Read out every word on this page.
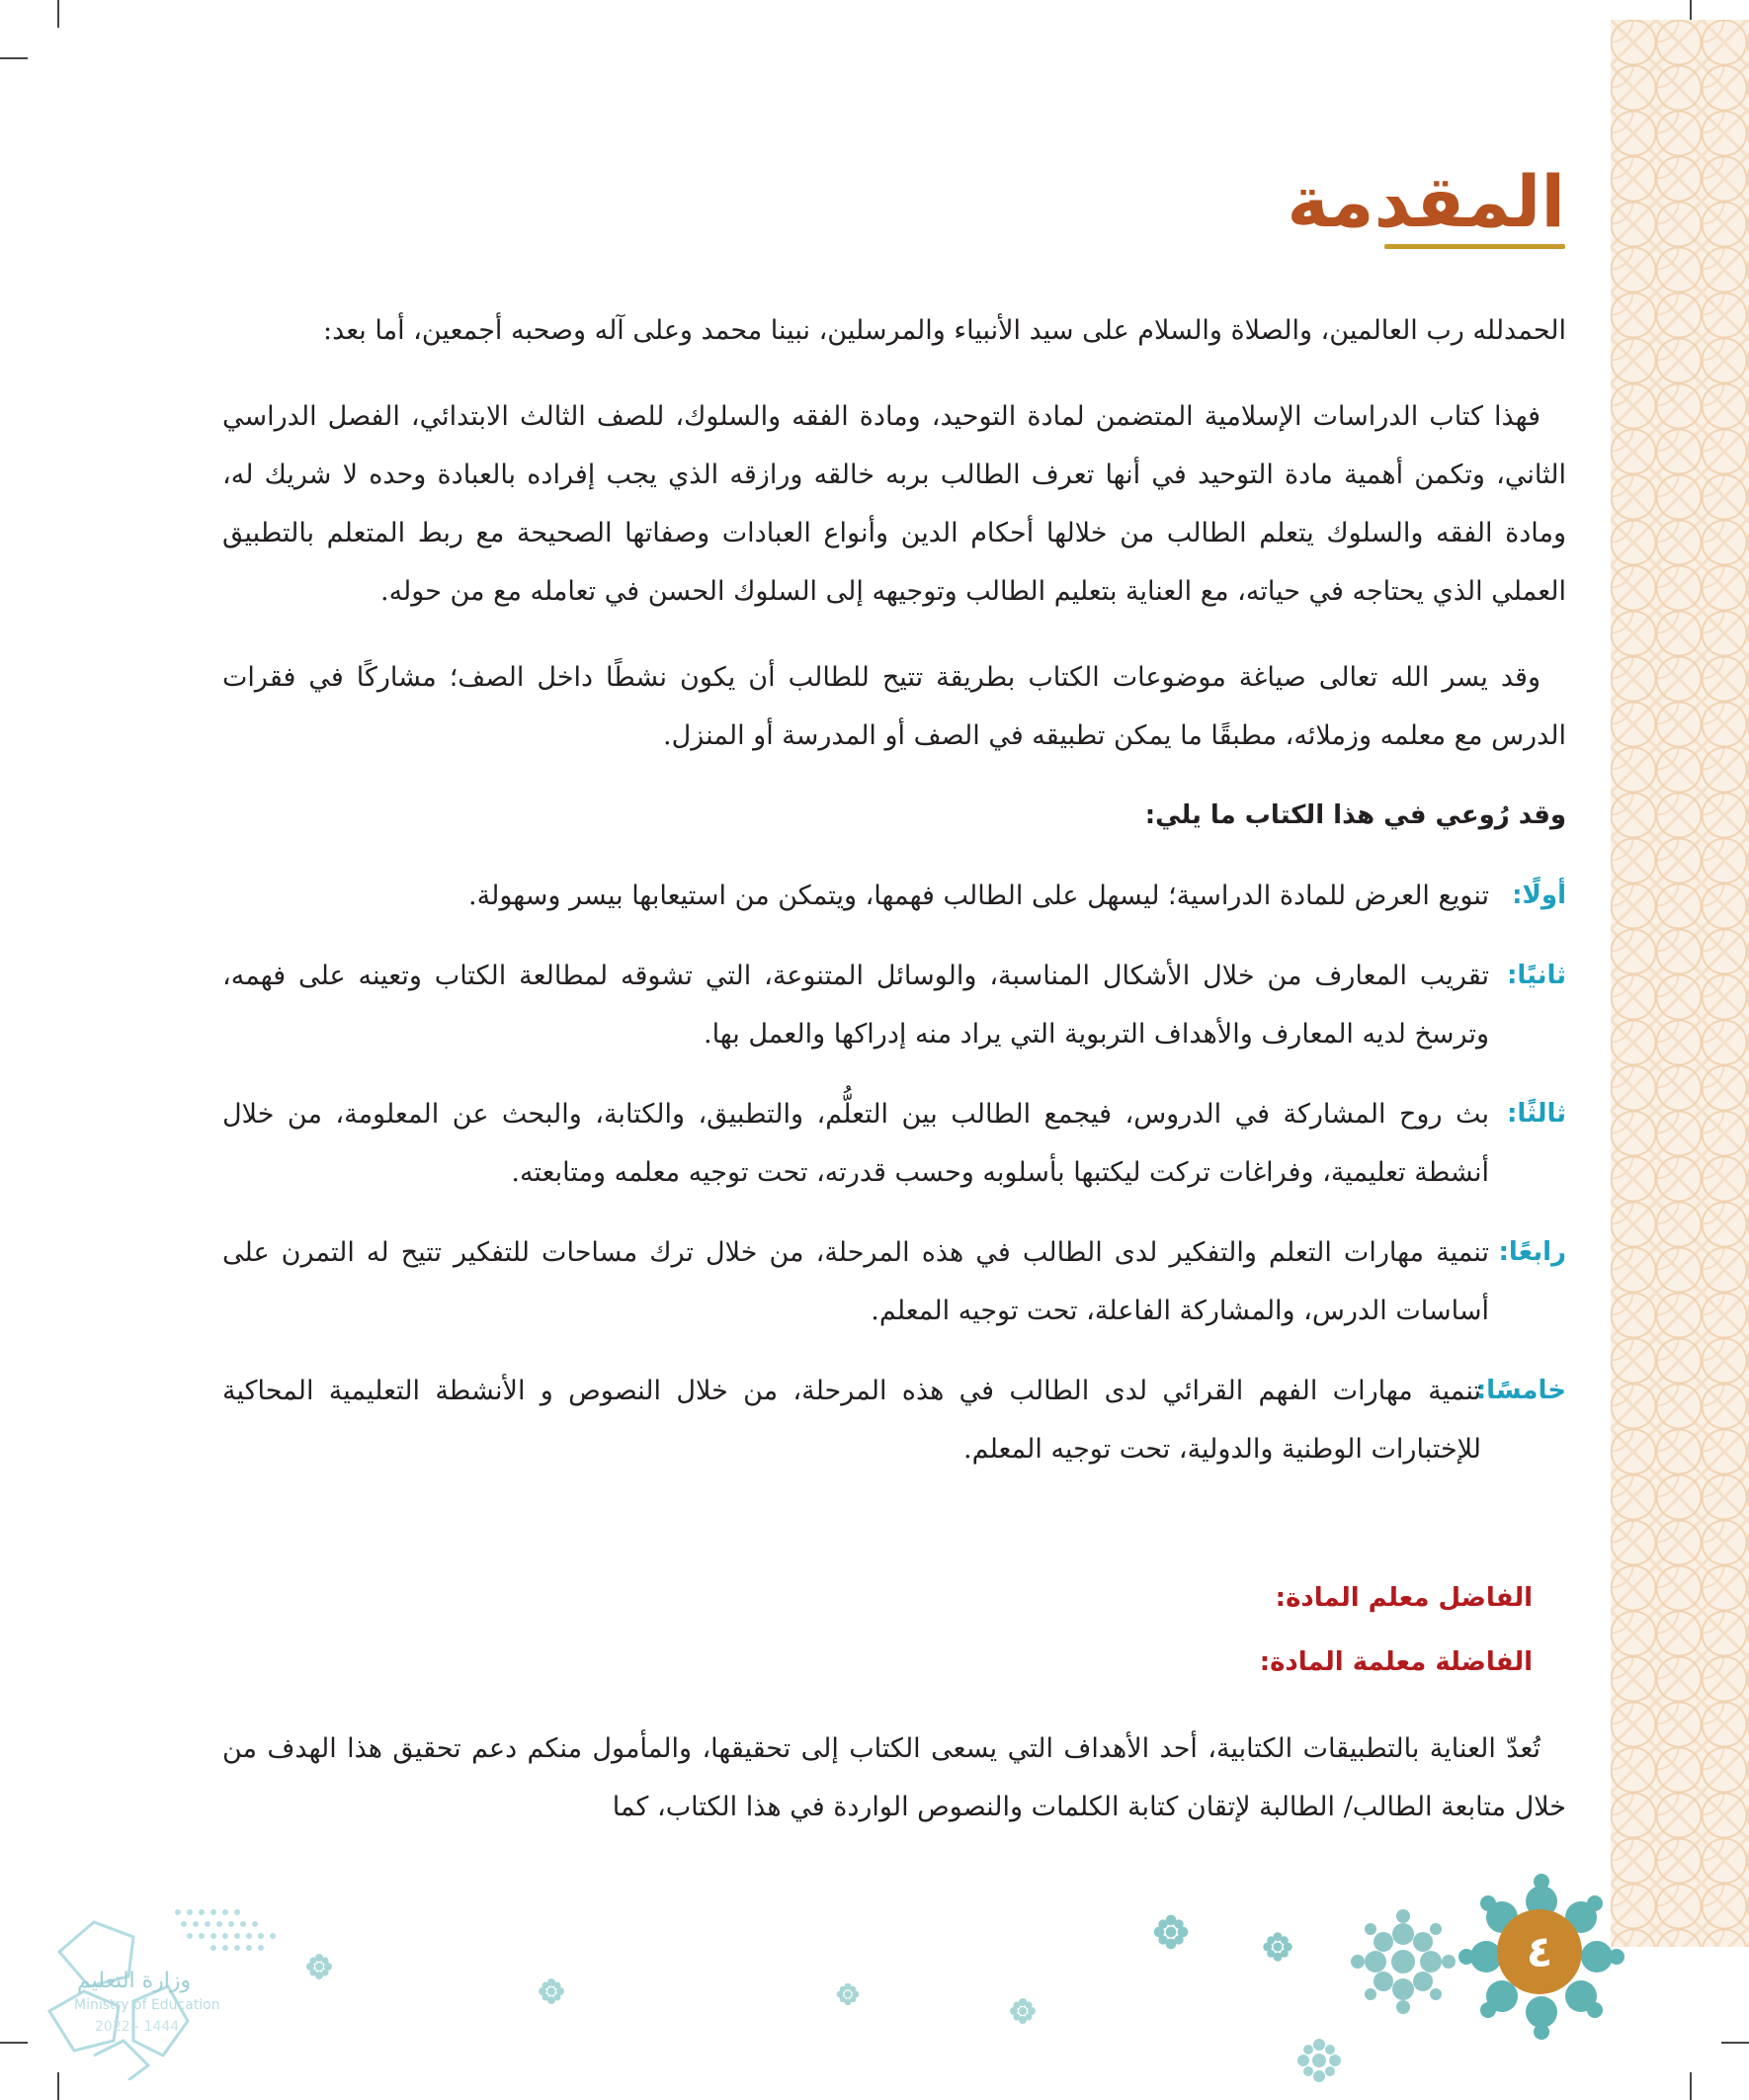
المقدمة

الحمدلله رب العالمين، والصلاة والسلام على سيد الأنبياء والمرسلين، نبينا محمد وعلى آله وصحبه أجمعين، أما بعد:

فهذا كتاب الدراسات الإسلامية المتضمن لمادة التوحيد، ومادة الفقه والسلوك، للصف الثالث الابتدائي، الفصل الدراسي الثاني، وتكمن أهمية مادة التوحيد في أنها تعرف الطالب بربه خالقه ورازقه الذي يجب إفراده بالعبادة وحده لا شريك له، ومادة الفقه والسلوك يتعلم الطالب من خلالها أحكام الدين وأنواع العبادات وصفاتها الصحيحة مع ربط المتعلم بالتطبيق العملي الذي يحتاجه في حياته، مع العناية بتعليم الطالب وتوجيهه إلى السلوك الحسن في تعامله مع من حوله.

وقد يسر الله تعالى صياغة موضوعات الكتاب بطريقة تتيح للطالب أن يكون نشطًا داخل الصف؛ مشاركًا في فقرات الدرس مع معلمه وزملائه، مطبقًا ما يمكن تطبيقه في الصف أو المدرسة أو المنزل.

وقد رُوعي في هذا الكتاب ما يلي:

أولًا:
تنويع العرض للمادة الدراسية؛ ليسهل على الطالب فهمها، ويتمكن من استيعابها بيسر وسهولة.
ثانيًا:
تقريب المعارف من خلال الأشكال المناسبة، والوسائل المتنوعة، التي تشوقه لمطالعة الكتاب وتعينه على فهمه، وترسخ لديه المعارف والأهداف التربوية التي يراد منه إدراكها والعمل بها.
ثالثًا:
بث روح المشاركة في الدروس، فيجمع الطالب بين التعلُّم، والتطبيق، والكتابة، والبحث عن المعلومة، من خلال أنشطة تعليمية، وفراغات تركت ليكتبها بأسلوبه وحسب قدرته، تحت توجيه معلمه ومتابعته.
رابعًا:
تنمية مهارات التعلم والتفكير لدى الطالب في هذه المرحلة، من خلال ترك مساحات للتفكير تتيح له التمرن على أساسات الدرس، والمشاركة الفاعلة، تحت توجيه المعلم.
خامسًا:
تنمية مهارات الفهم القرائي لدى الطالب في هذه المرحلة، من خلال النصوص و الأنشطة التعليمية المحاكية للإختبارات الوطنية والدولية، تحت توجيه المعلم.

الفاضل معلم المادة:

الفاضلة معلمة المادة:

تُعدّ العناية بالتطبيقات الكتابية، أحد الأهداف التي يسعى الكتاب إلى تحقيقها، والمأمول منكم دعم تحقيق هذا الهدف من خلال متابعة الطالب/ الطالبة لإتقان كتابة الكلمات والنصوص الواردة في هذا الكتاب، كما

وزارة التعليم
Ministry of Education
2022 - 1444
٤
